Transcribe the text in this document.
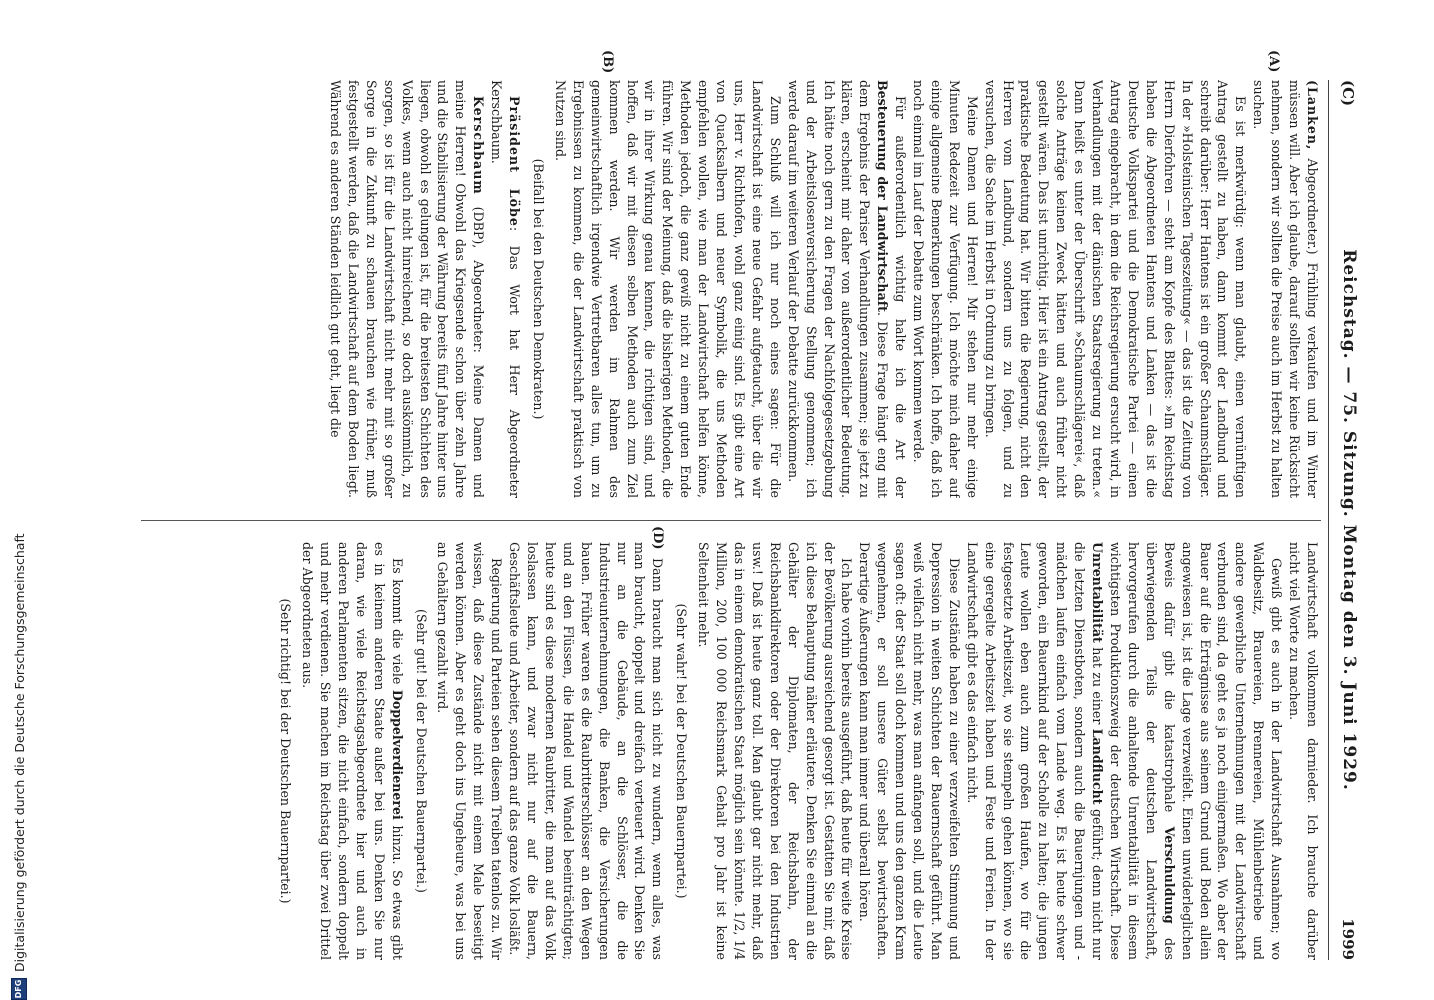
(C)
Reichstag. — 75. Sitzung. Montag den 3. Juni 1929.
1999
(A)
(B)
(D)

(Lanken, Abgeordneter.) Frühling verkaufen und im Winter müssen will. Aber ich glaube, darauf sollten wir keine Rücksicht nehmen, sondern wir sollten die Preise auch im Herbst zu halten suchen.

Es ist merkwürdig: wenn man glaubt, einen vernünftigen Antrag gestellt zu haben, dann kommt der Landbund und schreibt darüber: Herr Hantens ist ein großer Schaumschläger. In der »Holsteinischen Tageszeitung« — das ist die Zeitung von Herrn Dierfohren — steht am Kopfe des Blattes: »Im Reichstag haben die Abgeordneten Hantens und Lanken — das ist die Deutsche Volkspartei und die Demokratische Partei — einen Antrag eingebracht, in dem die Reichsregierung ersucht wird, in Verhandlungen mit der dänischen Staatsregierung zu treten.« Dann heißt es unter der Überschrift »Schaumschlägerei«, daß solche Anträge keinen Zweck hätten und auch früher nicht gestellt wären. Das ist unrichtig. Hier ist ein Antrag gestellt, der praktische Bedeutung hat. Wir bitten die Regierung, nicht den Herren vom Landbund, sondern uns zu folgen, und zu versuchen, die Sache im Herbst in Ordnung zu bringen.

Meine Damen und Herren! Mir stehen nur mehr einige Minuten Redezeit zur Verfügung. Ich möchte mich daher auf einige allgemeine Bemerkungen beschränken. Ich hoffe, daß ich noch einmal im Lauf der Debatte zum Wort kommen werde.

Für außerordentlich wichtig halte ich die Art der Besteuerung der Landwirtschaft. Diese Frage hängt eng mit dem Ergebnis der Pariser Verhandlungen zusammen; sie jetzt zu klären, erscheint mir daher von außerordentlicher Bedeutung. Ich hätte noch gern zu den Fragen der Nachfolgegesetzgebung und der Arbeitslosenversicherung Stellung genommen; ich werde darauf im weiteren Verlauf der Debatte zurückkommen.

Zum Schluß will ich nur noch eines sagen: Für die Landwirtschaft ist eine neue Gefahr aufgetaucht, über die wir uns, Herr v. Richthofen, wohl ganz einig sind. Es gibt eine Art von Quacksalbern und neuer Symbolik, die uns Methoden empfehlen wollen, wie man der Landwirtschaft helfen könne, Methoden jedoch, die ganz gewiß nicht zu einem guten Ende führen. Wir sind der Meinung, daß die bisherigen Methoden, die wir in ihrer Wirkung genau kennen, die richtigen sind, und hoffen, daß wir mit diesen selben Methoden auch zum Ziel kommen werden. Wir werden im Rahmen des gemeinwirtschaftlich irgendwie Vertretbaren alles tun, um zu Ergebnissen zu kommen, die der Landwirtschaft praktisch von Nutzen sind.

(Beifall bei den Deutschen Demokraten.)

Präsident Löbe: Das Wort hat Herr Abgeordneter Kerschbaum.

Kerschbaum (DBP), Abgeordneter: Meine Damen und meine Herren! Obwohl das Kriegsende schon über zehn Jahre und die Stabilisierung der Währung bereits fünf Jahre hinter uns liegen, obwohl es gelungen ist, für die breitesten Schichten des Volkes, wenn auch nicht hinreichend, so doch auskömmlich, zu sorgen, so ist für die Landwirtschaft nicht mehr mit so großer Sorge in die Zukunft zu schauen brauchen wie früher, muß festgestellt werden, daß die Landwirtschaft auf dem Boden liegt. Während es anderen Ständen leidlich gut geht, liegt die

Landwirtschaft vollkommen darnieder. Ich brauche darüber nicht viel Worte zu machen.

Gewiß gibt es auch in der Landwirtschaft Ausnahmen; wo Waldbesitz, Brauereien, Brennereien, Mühlenbetriebe und andere gewerbliche Unternehmungen mit der Landwirtschaft verbunden sind, da geht es ja noch einigermaßen. Wo aber der Bauer auf die Erträgnisse aus seinem Grund und Boden allein angewiesen ist, ist die Lage verzweifelt. Einen unwiderleglichen Beweis dafür gibt die katastrophale Verschuldung des überwiegenden Teils der deutschen Landwirtschaft, hervorgerufen durch die anhaltende Unrentabilität in diesem wichtigsten Produktionszweig der deutschen Wirtschaft. Diese Unrentabilität hat zu einer Landflucht geführt; denn nicht nur die letzten Dienstboten, sondern auch die Bauernjungen und -mädchen laufen einfach vom Lande weg. Es ist heute schwer geworden, ein Bauernkind auf der Scholle zu halten; die jungen Leute wollen eben auch zum großen Haufen, wo für die festgesetzte Arbeitszeit, wo sie stempeln gehen können, wo sie eine geregelte Arbeitszeit haben und Feste und Ferien. In der Landwirtschaft gibt es das einfach nicht.

Diese Zustände haben zu einer verzweifelten Stimmung und Depression in weiten Schichten der Bauernschaft geführt. Man weiß vielfach nicht mehr, was man anfangen soll, und die Leute sagen oft: der Staat soll doch kommen und uns den ganzen Kram wegnehmen, er soll unsere Güter selbst bewirtschaften. Derartige Äußerungen kann man immer und überall hören.

Ich habe vorhin bereits ausgeführt, daß heute für weite Kreise der Bevölkerung ausreichend gesorgt ist. Gestatten Sie mir, daß ich diese Behauptung näher erläutere. Denken Sie einmal an die Gehälter der Diplomaten, der Reichsbahn, der Reichsbankdirektoren oder der Direktoren bei den Industrien usw.! Daß ist heute ganz toll. Man glaubt gar nicht mehr, daß das in einem demokratischen Staat möglich sein könnte. 1/2, 1/4 Million, 200, 100 000 Reichsmark Gehalt pro Jahr ist keine Seltenheit mehr.

(Sehr wahr! bei der Deutschen Bauernpartei.)

Dann braucht man sich nicht zu wundern, wenn alles, was man braucht, doppelt und dreifach verteuert wird. Denken Sie nur an die Gebäude, an die Schlösser, die die Industrieunternehmungen, die Banken, die Versicherungen bauen. Früher waren es die Raubritterschlösser an den Wegen und an den Flüssen, die Handel und Wandel beeinträchtigten; heute sind es diese modernen Raubritter, die man auf das Volk loslassen kann, und zwar nicht nur auf die Bauern, Geschäftsleute und Arbeiter, sondern auf das ganze Volk losläßt.

Regierung und Parteien sehen diesem Treiben tatenlos zu. Wir wissen, daß diese Zustände nicht mit einem Male beseitigt werden können. Aber es geht doch ins Ungeheure, was bei uns an Gehältern gezahlt wird.

(Sehr gut! bei der Deutschen Bauernpartei.)

Es kommt die viele Doppelverdienerei hinzu. So etwas gibt es in keinem anderen Staate außer bei uns. Denken Sie nur daran, wie viele Reichstagsabgeordnete hier und auch in anderen Parlamenten sitzen, die nicht einfach, sondern doppelt und mehr verdienen. Sie machen im Reichstag über zwei Drittel der Abgeordneten aus.

(Sehr richtig! bei der Deutschen Bauernpartei.)

DFG
Digitalisierung gefördert durch die Deutsche Forschungsgemeinschaft
